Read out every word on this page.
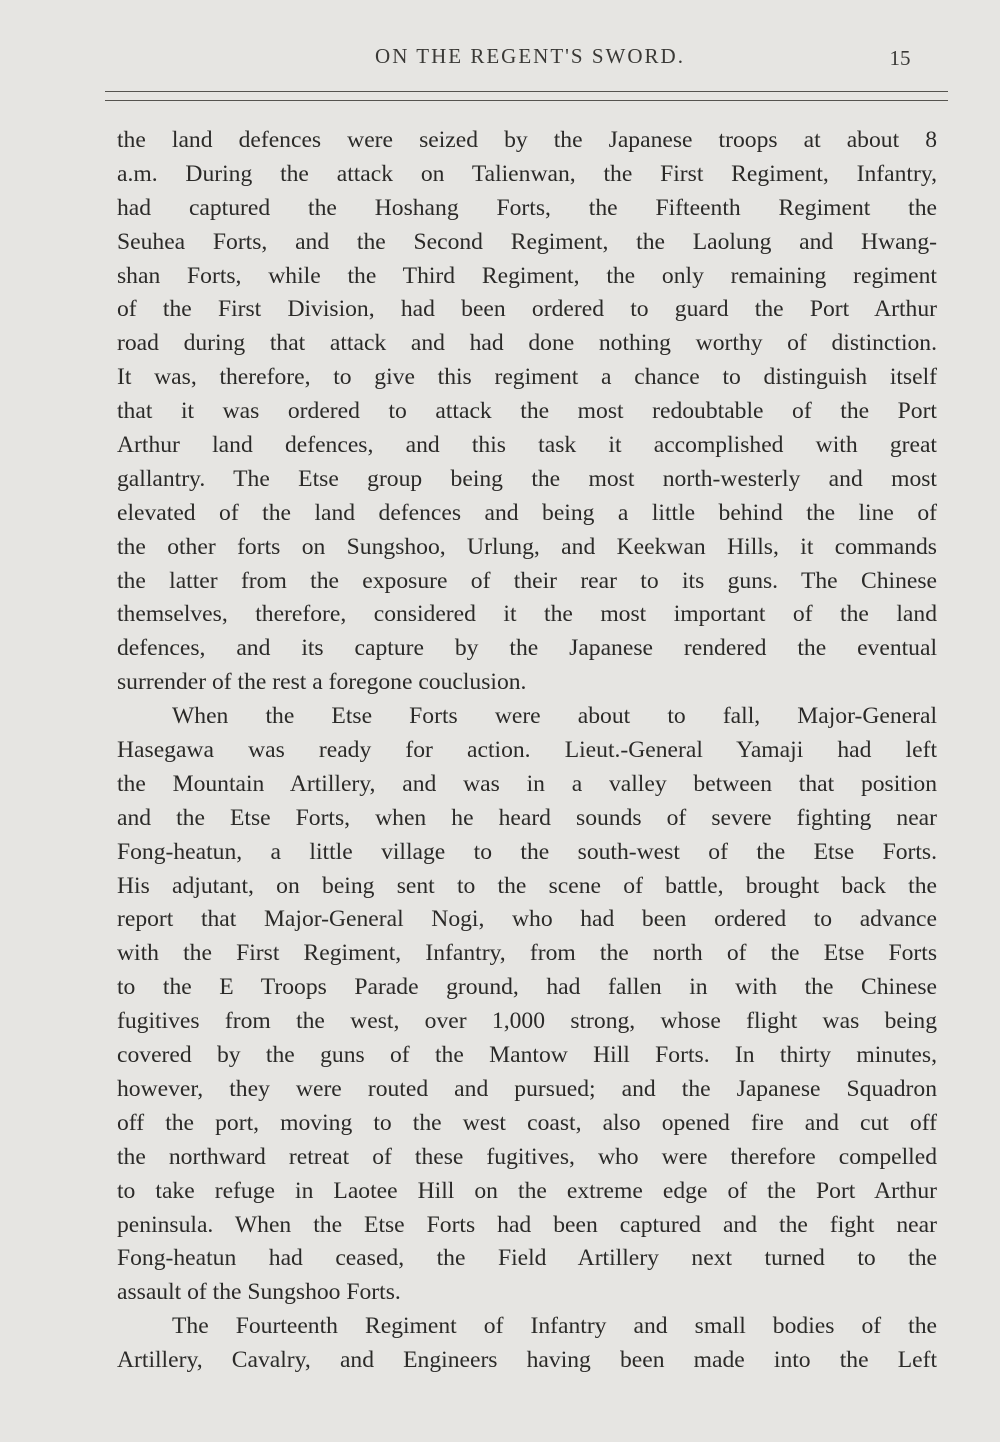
ON THE REGENT'S SWORD.	15
the land defences were seized by the Japanese troops at about 8
a.m. During the attack on Talienwan, the First Regiment, Infantry,
had captured the Hoshang Forts, the Fifteenth Regiment the
Seuhea Forts, and the Second Regiment, the Laolung and Hwang-
shan Forts, while the Third Regiment, the only remaining regiment
of the First Division, had been ordered to guard the Port Arthur
road during that attack and had done nothing worthy of distinction.
It was, therefore, to give this regiment a chance to distinguish itself
that it was ordered to attack the most redoubtable of the Port
Arthur land defences, and this task it accomplished with great
gallantry. The Etse group being the most north-westerly and most
elevated of the land defences and being a little behind the line of
the other forts on Sungshoo, Urlung, and Keekwan Hills, it commands
the latter from the exposure of their rear to its guns. The Chinese
themselves, therefore, considered it the most important of the land
defences, and its capture by the Japanese rendered the eventual
surrender of the rest a foregone couclusion.
When the Etse Forts were about to fall, Major-General
Hasegawa was ready for action. Lieut.-General Yamaji had left
the Mountain Artillery, and was in a valley between that position
and the Etse Forts, when he heard sounds of severe fighting near
Fong-heatun, a little village to the south-west of the Etse Forts.
His adjutant, on being sent to the scene of battle, brought back the
report that Major-General Nogi, who had been ordered to advance
with the First Regiment, Infantry, from the north of the Etse Forts
to the E Troops Parade ground, had fallen in with the Chinese
fugitives from the west, over 1,000 strong, whose flight was being
covered by the guns of the Mantow Hill Forts. In thirty minutes,
however, they were routed and pursued; and the Japanese Squadron
off the port, moving to the west coast, also opened fire and cut off
the northward retreat of these fugitives, who were therefore compelled
to take refuge in Laotee Hill on the extreme edge of the Port Arthur
peninsula. When the Etse Forts had been captured and the fight near
Fong-heatun had ceased, the Field Artillery next turned to the
assault of the Sungshoo Forts.
The Fourteenth Regiment of Infantry and small bodies of the
Artillery, Cavalry, and Engineers having been made into the Left
